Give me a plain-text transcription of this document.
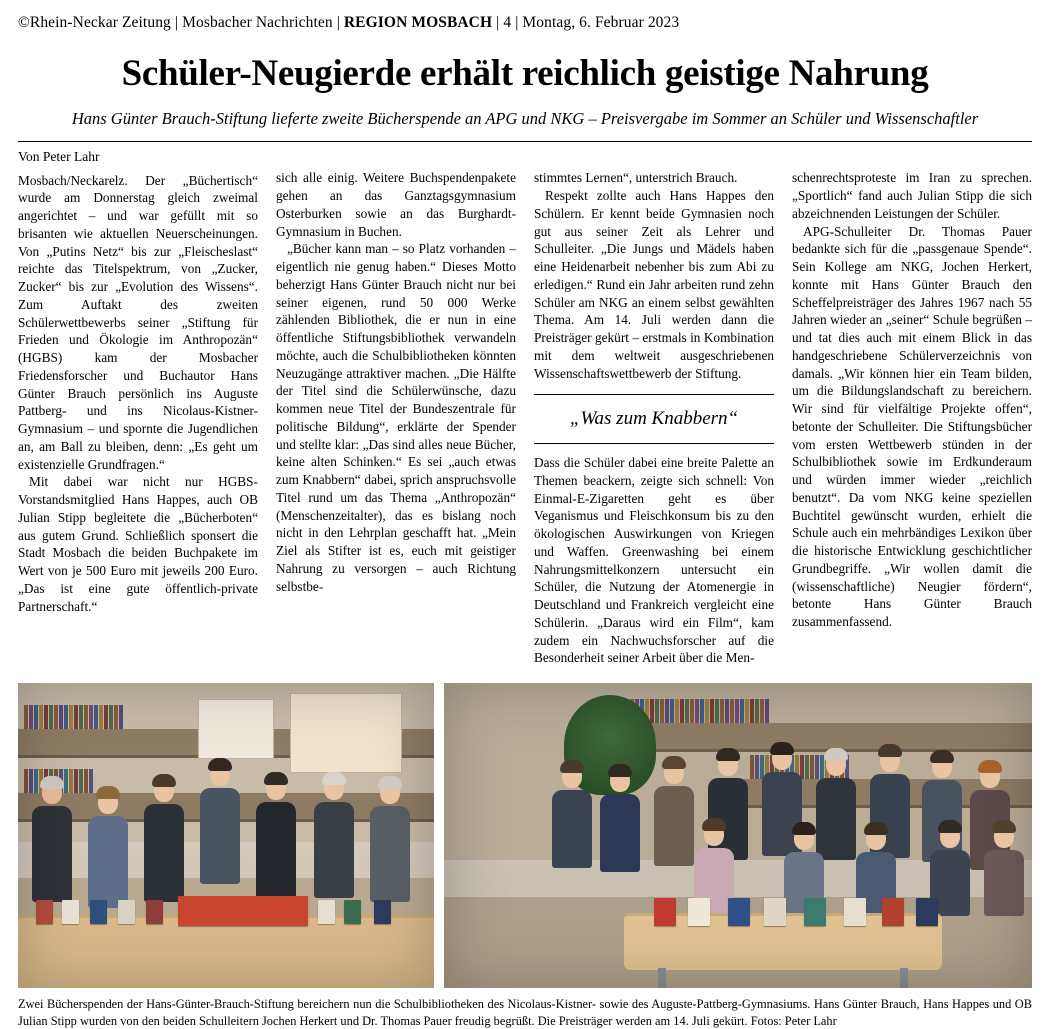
©Rhein-Neckar Zeitung | Mosbacher Nachrichten | REGION MOSBACH | 4 | Montag, 6. Februar 2023
Schüler-Neugierde erhält reichlich geistige Nahrung
Hans Günter Brauch-Stiftung lieferte zweite Bücherspende an APG und NKG – Preisvergabe im Sommer an Schüler und Wissenschaftler
Von Peter Lahr

Mosbach/Neckarelz. Der „Büchertisch“ wurde am Donnerstag gleich zweimal angerichtet – und war gefüllt mit so brisanten wie aktuellen Neuerscheinungen. Von „Putins Netz“ bis zur „Fleischeslast“ reichte das Titelspektrum, von „Zucker, Zucker“ bis zur „Evolution des Wissens“. Zum Auftakt des zweiten Schülerwettbewerbs seiner „Stiftung für Frieden und Ökologie im Anthropozän“ (HGBS) kam der Mosbacher Friedensforscher und Buchautor Hans Günter Brauch persönlich ins Auguste Pattberg- und ins Nicolaus-Kistner-Gymnasium – und spornte die Jugendlichen an, am Ball zu bleiben, denn: „Es geht um existenzielle Grundfragen.“

Mit dabei war nicht nur HGBS-Vorstandsmitglied Hans Happes, auch OB Julian Stipp begleitete die „Bücherboten“ aus gutem Grund. Schließlich sponsert die Stadt Mosbach die beiden Buchpakete im Wert von je 500 Euro mit jeweils 200 Euro. „Das ist eine gute öffentlich-private Partnerschaft.“

sich alle einig. Weitere Buchspendenpakete gehen an das Ganztagsgymnasium Osterburken sowie an das Burghardt-Gymnasium in Buchen.

„Bücher kann man – so Platz vorhanden – eigentlich nie genug haben.“ Dieses Motto beherzigt Hans Günter Brauch nicht nur bei seiner eigenen, rund 50 000 Werke zählenden Bibliothek, die er nun in eine öffentliche Stiftungsbibliothek verwandeln möchte, auch die Schulbibliotheken könnten Neuzugänge attraktiver machen. „Die Hälfte der Titel sind die Schülerwünsche, dazu kommen neue Titel der Bundeszentrale für politische Bildung“, erklärte der Spender und stellte klar: „Das sind alles neue Bücher, keine alten Schinken.“ Es sei „auch etwas zum Knabbern“ dabei, sprich anspruchsvolle Titel rund um das Thema „Anthropozän“ (Menschenzeitalter), das es bislang noch nicht in den Lehrplan geschafft hat. „Mein Ziel als Stifter ist es, euch mit geistiger Nahrung zu versorgen – auch Richtung selbstbe-

stimmtes Lernen“, unterstrich Brauch.

Respekt zollte auch Hans Happes den Schülern. Er kennt beide Gymnasien noch gut aus seiner Zeit als Lehrer und Schulleiter. „Die Jungs und Mädels haben eine Heidenarbeit nebenher bis zum Abi zu erledigen.“ Rund ein Jahr arbeiten rund zehn Schüler am NKG an einem selbst gewählten Thema. Am 14. Juli werden dann die Preisträger gekürt – erstmals in Kombination mit dem weltweit ausgeschriebenen Wissenschaftswettbewerb der Stiftung.

„Was zum Knabbern“

Dass die Schüler dabei eine breite Palette an Themen beackern, zeigte sich schnell: Von Einmal-E-Zigaretten geht es über Veganismus und Fleischkonsum bis zu den ökologischen Auswirkungen von Kriegen und Waffen. Greenwashing bei einem Nahrungsmittelkonzern untersucht ein Schüler, die Nutzung der Atomenergie in Deutschland und Frankreich vergleicht eine Schülerin. „Daraus wird ein Film“, kam zudem ein Nachwuchsforscher auf die Besonderheit seiner Arbeit über die Men-

schenrechtsproteste im Iran zu sprechen. „Sportlich“ fand auch Julian Stipp die sich abzeichnenden Leistungen der Schüler.

APG-Schulleiter Dr. Thomas Pauer bedankte sich für die „passgenaue Spende“. Sein Kollege am NKG, Jochen Herkert, konnte mit Hans Günter Brauch den Scheffelpreisträger des Jahres 1967 nach 55 Jahren wieder an „seiner“ Schule begrüßen – und tat dies auch mit einem Blick in das handgeschriebene Schülerverzeichnis von damals. „Wir können hier ein Team bilden, um die Bildungslandschaft zu bereichern. Wir sind für vielfältige Projekte offen“, betonte der Schulleiter. Die Stiftungsbücher vom ersten Wettbewerb stünden in der Schulbibliothek sowie im Erdkunderaum und würden immer wieder „reichlich benutzt“. Da vom NKG keine speziellen Buchtitel gewünscht wurden, erhielt die Schule auch ein mehrbändiges Lexikon über die historische Entwicklung geschichtlicher Grundbegriffe. „Wir wollen damit die (wissenschaftliche) Neugier fördern“, betonte Hans Günter Brauch zusammenfassend.

Zwei Bücherspenden der Hans-Günter-Brauch-Stiftung bereichern nun die Schulbibliotheken des Nicolaus-Kistner- sowie des Auguste-Pattberg-Gymnasiums. Hans Günter Brauch, Hans Happes und OB Julian Stipp wurden von den beiden Schulleitern Jochen Herkert und Dr. Thomas Pauer freudig begrüßt. Die Preisträger werden am 14. Juli gekürt. Fotos: Peter Lahr
